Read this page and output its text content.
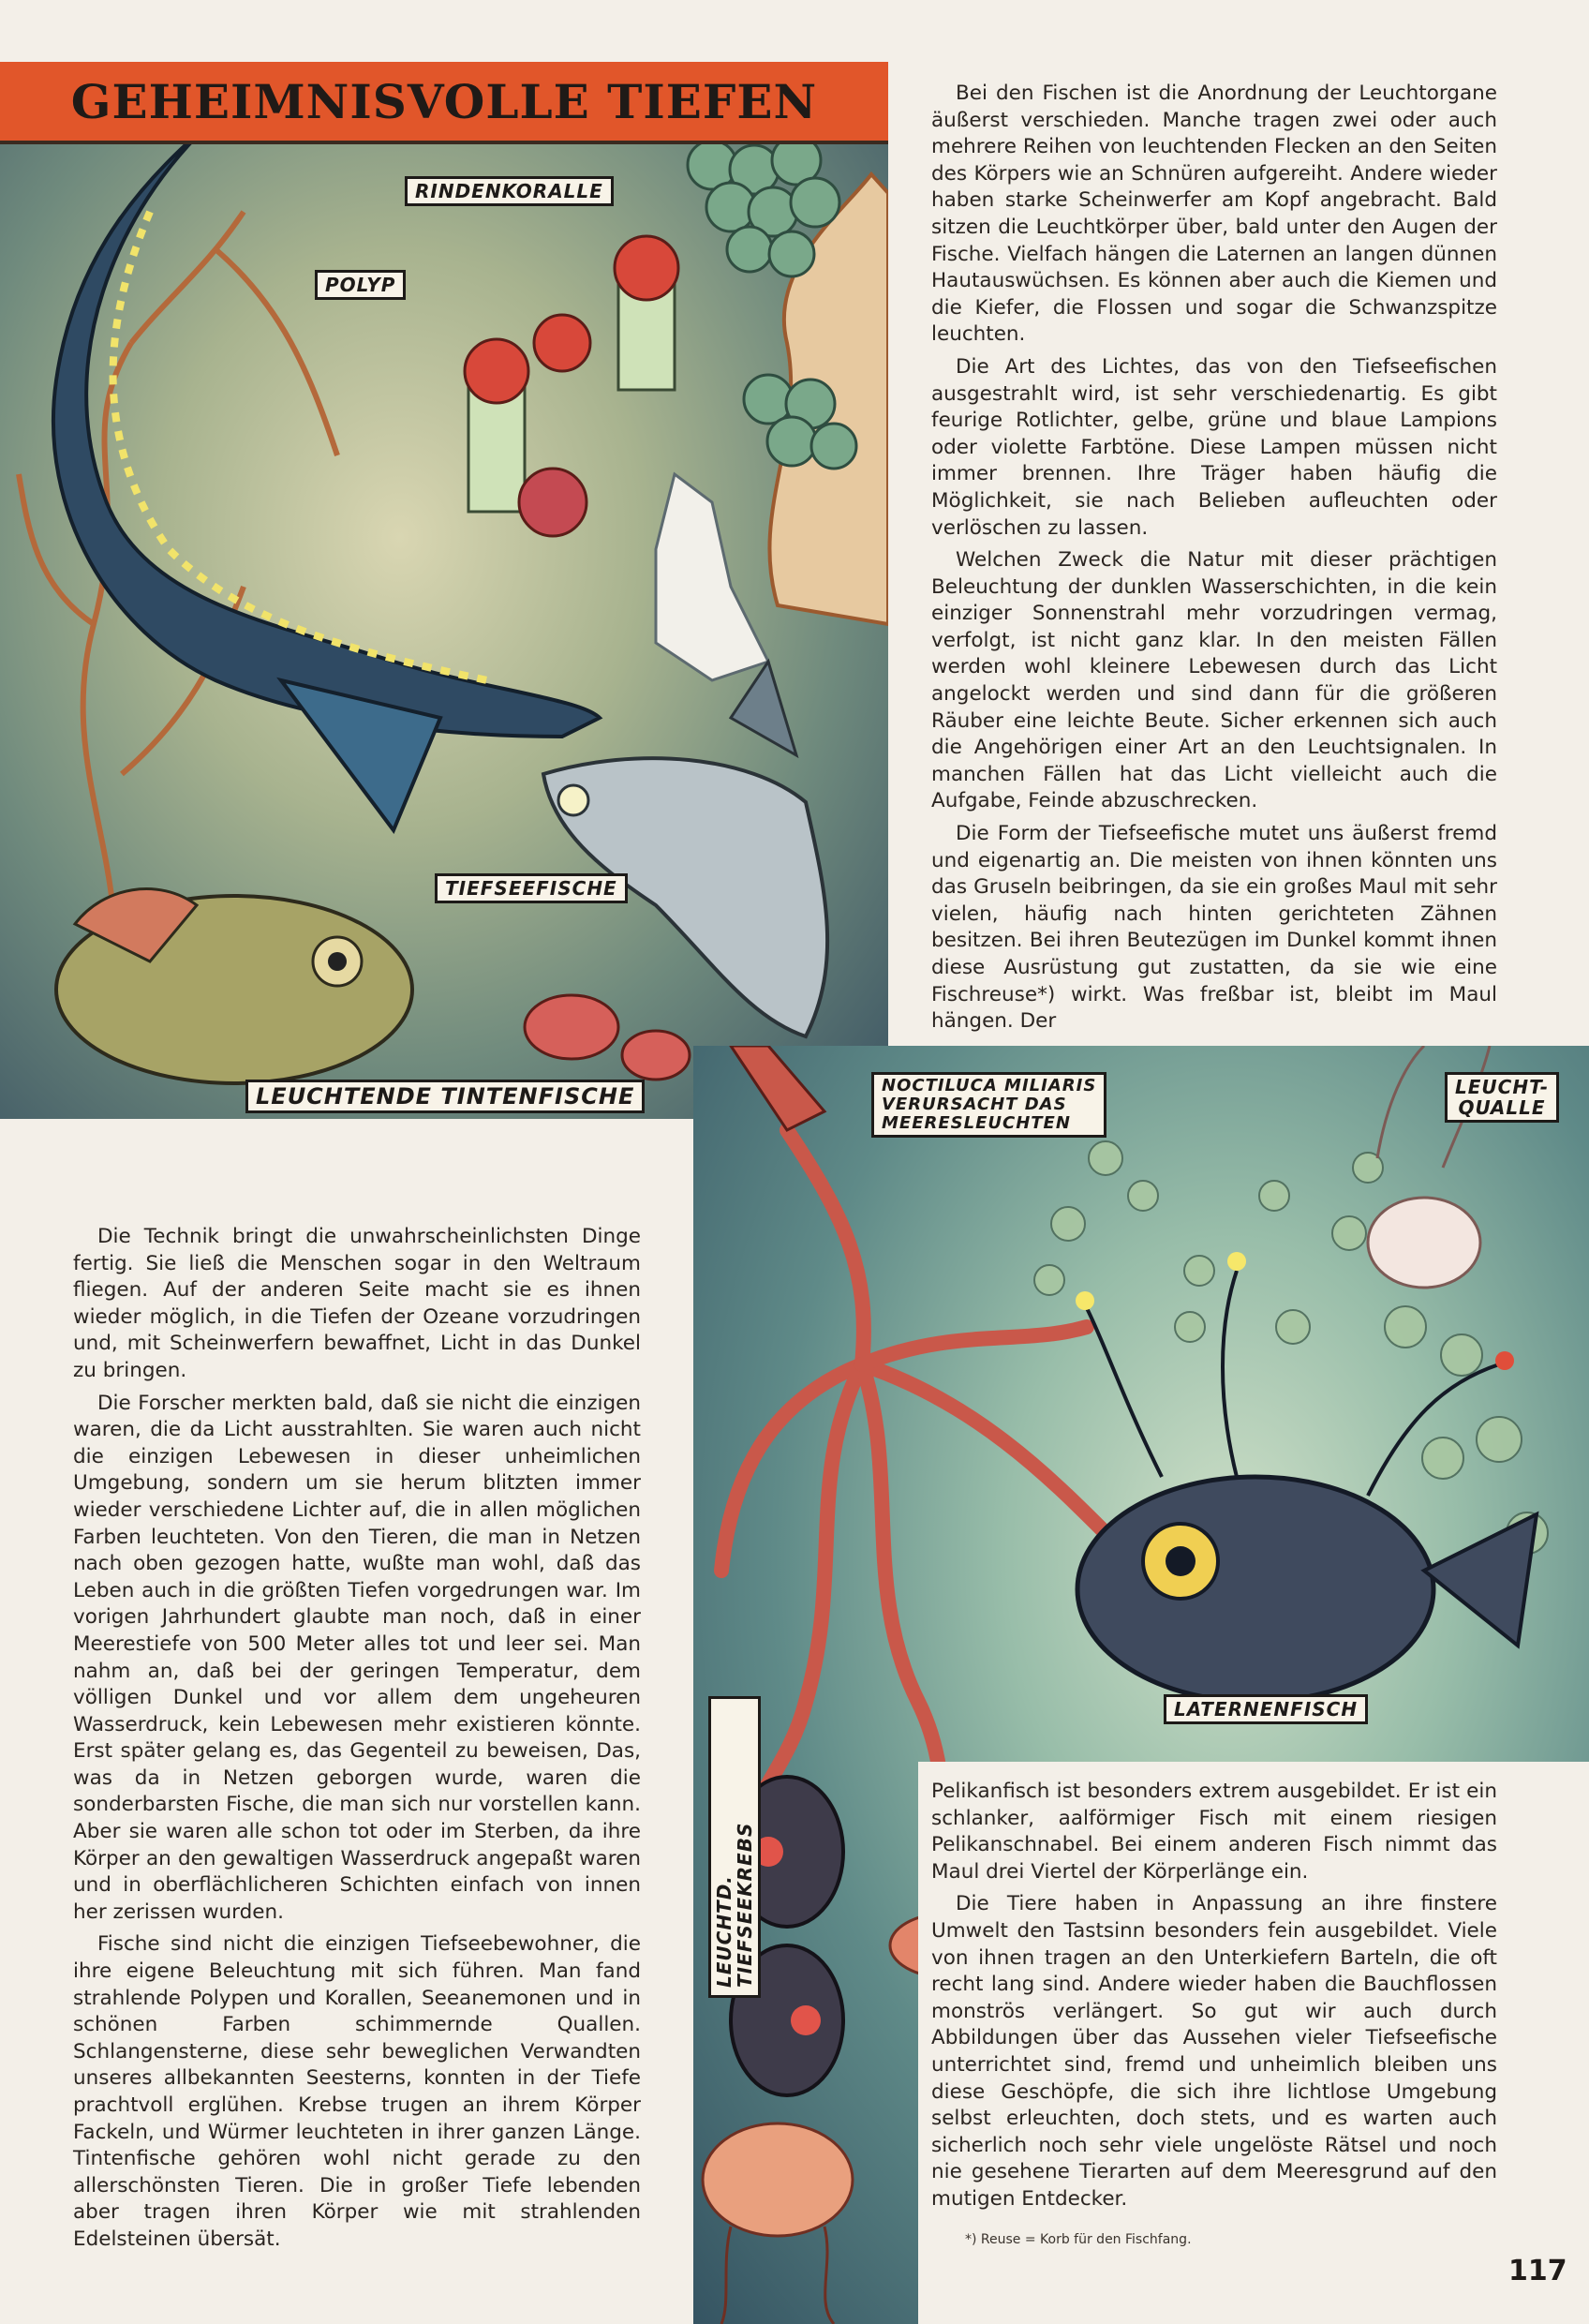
GEHEIMNISVOLLE TIEFEN
RINDENKORALLE
POLYP
TIEFSEEFISCHE
LEUCHTENDE TINTENFISCHE	NOCTILUCA MILIARIS
VERURSACHT DAS
MEERESLEUCHTEN
LEUCHT-
QUALLE
LATERNENFISCH
LEUCHTD. TIEFSEEKREBS

Bei den Fischen ist die Anordnung der Leuchtorgane äußerst verschieden. Manche tragen zwei oder auch mehrere Reihen von leuchtenden Flecken an den Seiten des Körpers wie an Schnüren aufgereiht. Andere wieder haben starke Scheinwerfer am Kopf angebracht. Bald sitzen die Leuchtkörper über, bald unter den Augen der Fische. Vielfach hängen die Laternen an langen dünnen Hautauswüchsen. Es können aber auch die Kiemen und die Kiefer, die Flossen und sogar die Schwanzspitze leuchten.

Die Art des Lichtes, das von den Tiefseefischen ausgestrahlt wird, ist sehr verschiedenartig. Es gibt feurige Rotlichter, gelbe, grüne und blaue Lampions oder violette Farbtöne. Diese Lampen müssen nicht immer brennen. Ihre Träger haben häufig die Möglichkeit, sie nach Belieben aufleuchten oder verlöschen zu lassen.

Welchen Zweck die Natur mit dieser prächtigen Beleuchtung der dunklen Wasserschichten, in die kein einziger Sonnenstrahl mehr vorzudringen vermag, verfolgt, ist nicht ganz klar. In den meisten Fällen werden wohl kleinere Lebewesen durch das Licht angelockt werden und sind dann für die größeren Räuber eine leichte Beute. Sicher erkennen sich auch die Angehörigen einer Art an den Leuchtsignalen. In manchen Fällen hat das Licht vielleicht auch die Aufgabe, Feinde abzuschrecken.

Die Form der Tiefseefische mutet uns äußerst fremd und eigenartig an. Die meisten von ihnen könnten uns das Gruseln beibringen, da sie ein großes Maul mit sehr vielen, häufig nach hinten gerichteten Zähnen besitzen. Bei ihren Beutezügen im Dunkel kommt ihnen diese Ausrüstung gut zustatten, da sie wie eine Fischreuse*) wirkt. Was freßbar ist, bleibt im Maul hängen. Der

Die Technik bringt die unwahrscheinlichsten Dinge fertig. Sie ließ die Menschen sogar in den Weltraum fliegen. Auf der anderen Seite macht sie es ihnen wieder möglich, in die Tiefen der Ozeane vorzudringen und, mit Scheinwerfern bewaffnet, Licht in das Dunkel zu bringen.

Die Forscher merkten bald, daß sie nicht die einzigen waren, die da Licht ausstrahlten. Sie waren auch nicht die einzigen Lebewesen in dieser unheimlichen Umgebung, sondern um sie herum blitzten immer wieder verschiedene Lichter auf, die in allen möglichen Farben leuchteten. Von den Tieren, die man in Netzen nach oben gezogen hatte, wußte man wohl, daß das Leben auch in die größten Tiefen vorgedrungen war. Im vorigen Jahrhundert glaubte man noch, daß in einer Meerestiefe von 500 Meter alles tot und leer sei. Man nahm an, daß bei der geringen Temperatur, dem völligen Dunkel und vor allem dem ungeheuren Wasserdruck, kein Lebewesen mehr existieren könnte. Erst später gelang es, das Gegenteil zu beweisen, Das, was da in Netzen geborgen wurde, waren die sonderbarsten Fische, die man sich nur vorstellen kann. Aber sie waren alle schon tot oder im Sterben, da ihre Körper an den gewaltigen Wasserdruck angepaßt waren und in oberflächlicheren Schichten einfach von innen her zerissen wurden.

Fische sind nicht die einzigen Tiefseebewohner, die ihre eigene Beleuchtung mit sich führen. Man fand strahlende Polypen und Korallen, Seeanemonen und in schönen Farben schimmernde Quallen. Schlangensterne, diese sehr beweglichen Verwandten unseres allbekannten Seesterns, konnten in der Tiefe prachtvoll erglühen. Krebse trugen an ihrem Körper Fackeln, und Würmer leuchteten in ihrer ganzen Länge. Tintenfische gehören wohl nicht gerade zu den allerschönsten Tieren. Die in großer Tiefe lebenden aber tragen ihren Körper wie mit strahlenden Edelsteinen übersät.

Pelikanfisch ist besonders extrem ausgebildet. Er ist ein schlanker, aalförmiger Fisch mit einem riesigen Pelikanschnabel. Bei einem anderen Fisch nimmt das Maul drei Viertel der Körperlänge ein.

Die Tiere haben in Anpassung an ihre finstere Umwelt den Tastsinn besonders fein ausgebildet. Viele von ihnen tragen an den Unterkiefern Barteln, die oft recht lang sind. Andere wieder haben die Bauchflossen monströs verlängert. So gut wir auch durch Abbildungen über das Aussehen vieler Tiefseefische unterrichtet sind, fremd und unheimlich bleiben uns diese Geschöpfe, die sich ihre lichtlose Umgebung selbst erleuchten, doch stets, und es warten auch sicherlich noch sehr viele ungelöste Rätsel und noch nie gesehene Tierarten auf dem Meeresgrund auf den mutigen Entdecker.

*) Reuse = Korb für den Fischfang.
117
